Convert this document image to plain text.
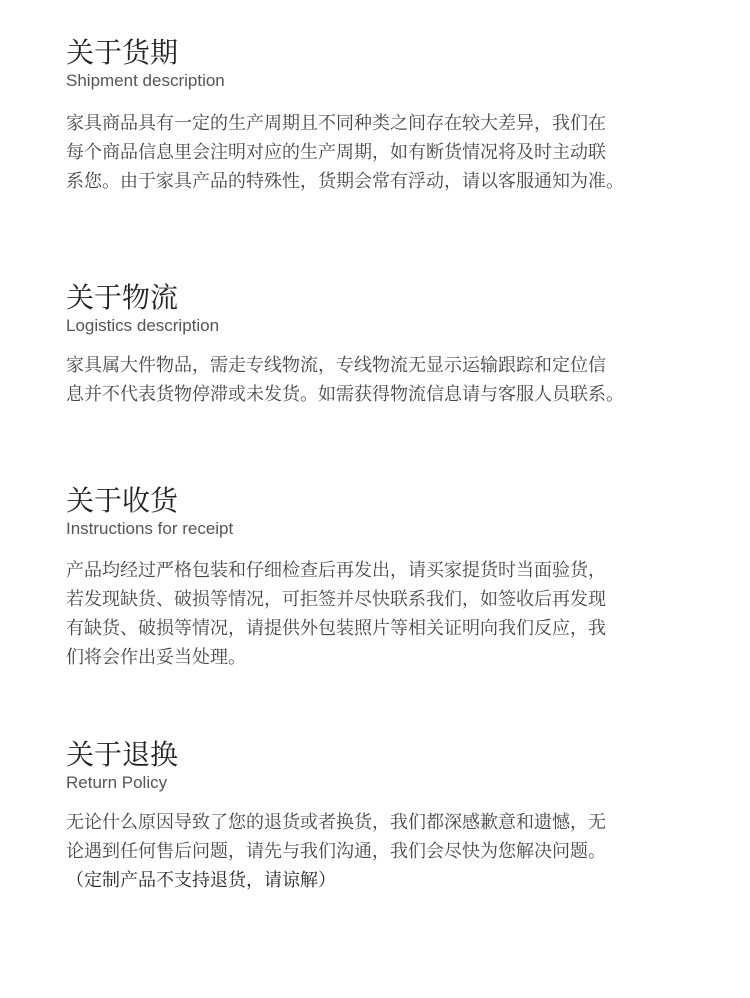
关于货期
Shipment description
家具商品具有一定的生产周期且不同种类之间存在较大差异，我们在
每个商品信息里会注明对应的生产周期，如有断货情况将及时主动联
系您。由于家具产品的特殊性，货期会常有浮动，请以客服通知为准。
关于物流
Logistics description
家具属大件物品，需走专线物流，专线物流无显示运输跟踪和定位信
息并不代表货物停滞或未发货。如需获得物流信息请与客服人员联系。
关于收货
Instructions for receipt
产品均经过严格包装和仔细检查后再发出，请买家提货时当面验货，
若发现缺货、破损等情况，可拒签并尽快联系我们，如签收后再发现
有缺货、破损等情况，请提供外包装照片等相关证明向我们反应，我
们将会作出妥当处理。
关于退换
Return Policy
无论什么原因导致了您的退货或者换货，我们都深感歉意和遗憾，无
论遇到任何售后问题，请先与我们沟通，我们会尽快为您解决问题。
（定制产品不支持退货，请谅解）
